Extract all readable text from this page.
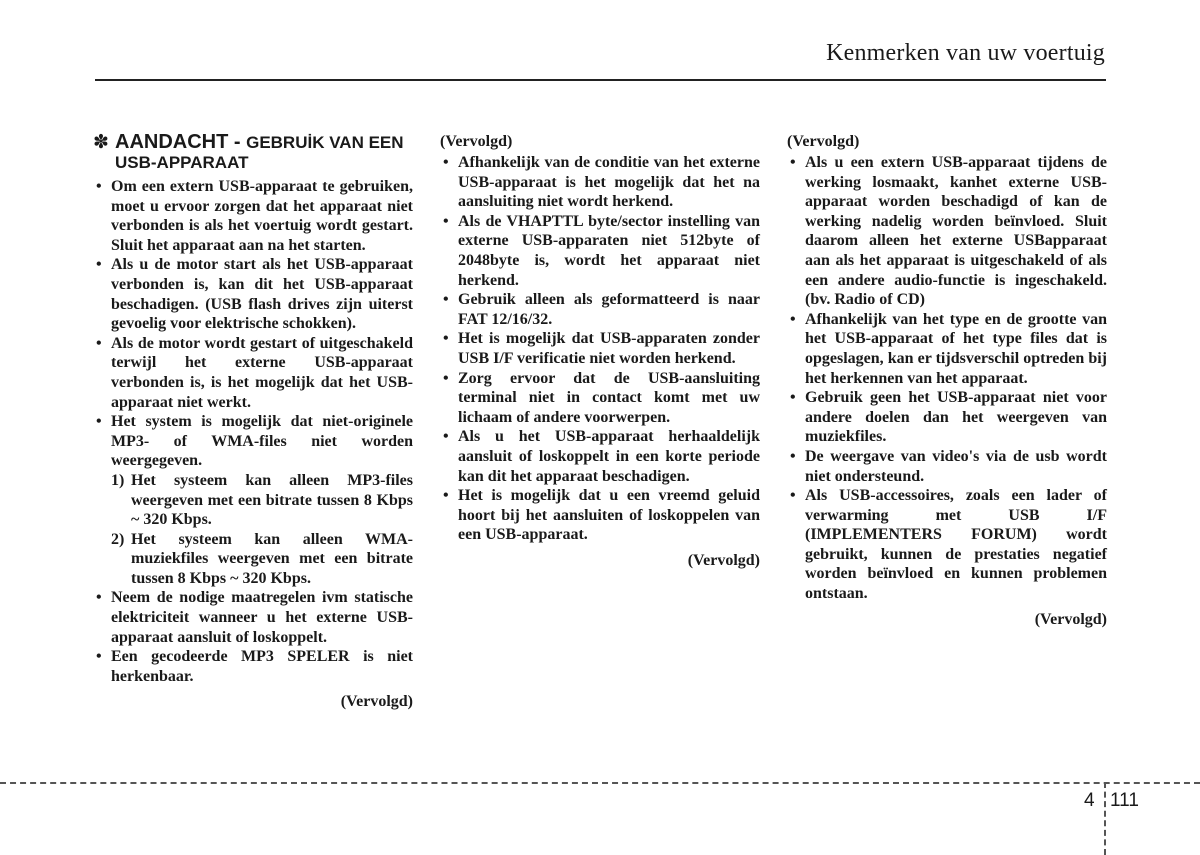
Kenmerken van uw voertuig
✽ AANDACHT - GEBRUİK VAN EEN USB-APPARAAT
• Om een extern USB-apparaat te gebruiken, moet u ervoor zorgen dat het apparaat niet verbonden is als het voertuig wordt gestart. Sluit het apparaat aan na het starten.
• Als u de motor start als het USB-apparaat verbonden is, kan dit het USB-apparaat beschadigen. (USB flash drives zijn uiterst gevoelig voor elektrische schokken).
• Als de motor wordt gestart of uitgeschakeld terwijl het externe USB-apparaat verbonden is, is het mogelijk dat het USB-apparaat niet werkt.
• Het system is mogelijk dat niet-originele MP3- of WMA-files niet worden weergegeven.
1) Het systeem kan alleen MP3-files weergeven met een bitrate tussen 8 Kbps ~ 320 Kbps.
2) Het systeem kan alleen WMA-muziekfiles weergeven met een bitrate tussen 8 Kbps ~ 320 Kbps.
• Neem de nodige maatregelen ivm statische elektriciteit wanneer u het externe USB-apparaat aansluit of loskoppelt.
• Een gecodeerde MP3 SPELER is niet herkenbaar.
(Vervolgd)
(Vervolgd)
• Afhankelijk van de conditie van het externe USB-apparaat is het mogelijk dat het na aansluiting niet wordt herkend.
• Als de VHAPTTL byte/sector instelling van externe USB-apparaten niet 512byte of 2048byte is, wordt het apparaat niet herkend.
• Gebruik alleen als geformatteerd is naar FAT 12/16/32.
• Het is mogelijk dat USB-apparaten zonder USB I/F verificatie niet worden herkend.
• Zorg ervoor dat de USB-aansluiting terminal niet in contact komt met uw lichaam of andere voorwerpen.
• Als u het USB-apparaat herhaaldelijk aansluit of loskoppelt in een korte periode kan dit het apparaat beschadigen.
• Het is mogelijk dat u een vreemd geluid hoort bij het aansluiten of loskoppelen van een USB-apparaat.
(Vervolgd)
(Vervolgd)
• Als u een extern USB-apparaat tijdens de werking losmaakt, kanhet externe USB-apparaat worden beschadigd of kan de werking nadelig worden beïnvloed. Sluit daarom alleen het externe USBapparaat aan als het apparaat is uitgeschakeld of als een andere audio-functie is ingeschakeld. (bv. Radio of CD)
• Afhankelijk van het type en de grootte van het USB-apparaat of het type files dat is opgeslagen, kan er tijdsverschil optreden bij het herkennen van het apparaat.
• Gebruik geen het USB-apparaat niet voor andere doelen dan het weergeven van muziekfiles.
• De weergave van video's via de usb wordt niet ondersteund.
• Als USB-accessoires, zoals een lader of verwarming met USB I/F (IMPLEMENTERS FORUM) wordt gebruikt, kunnen de prestaties negatief worden beïnvloed en kunnen problemen ontstaan.
(Vervolgd)
4 111
